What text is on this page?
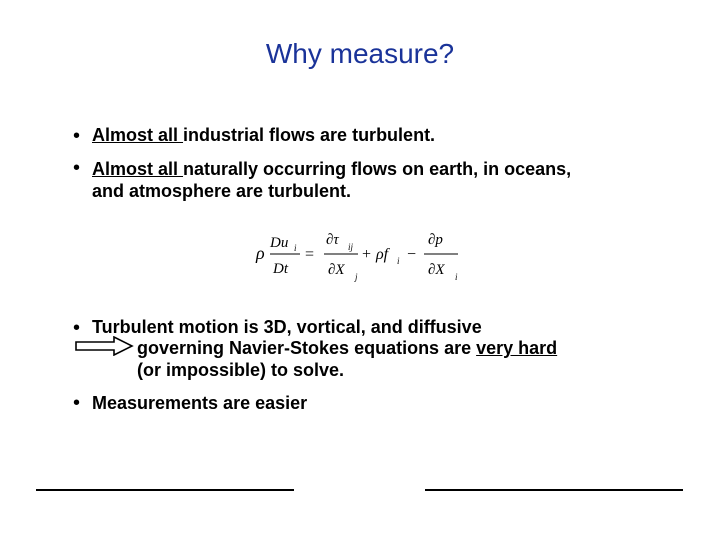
Why measure?
• Almost all industrial flows are turbulent.
• Almost all naturally occurring flows on earth, in oceans,
and atmosphere are turbulent.
ρ Du i
Dt
=
∂τ ij
∂X j
+ ρf i −
∂p
∂X i
• Turbulent motion is 3D, vortical, and diffusive
governing Navier-Stokes equations are very hard
(or impossible) to solve.
• Measurements are easier
